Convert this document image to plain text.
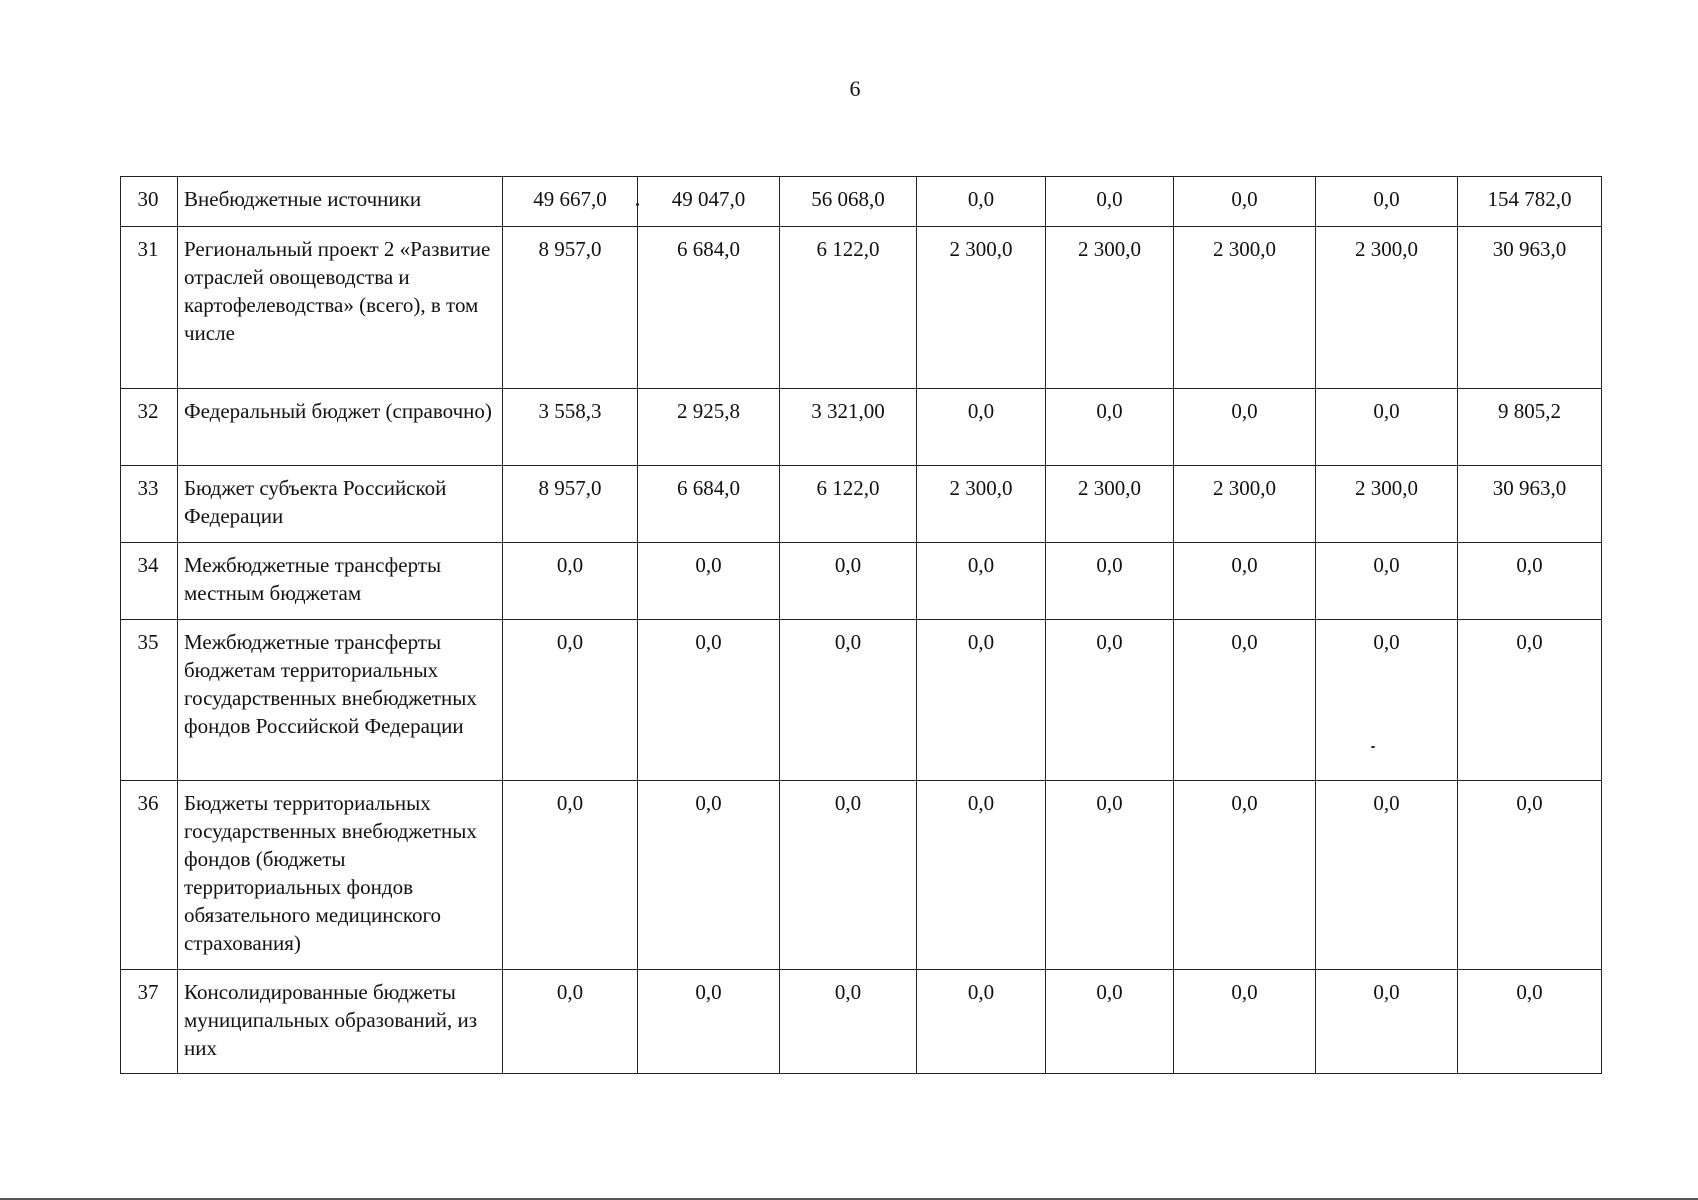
6
30	Внебюджетные источники	49 667,0	49 047,0	56 068,0	0,0	0,0	0,0	0,0	154 782,0
31	Региональный проект 2 «Развитие отраслей овощеводства и картофелеводства» (всего), в том числе	8 957,0	6 684,0	6 122,0	2 300,0	2 300,0	2 300,0	2 300,0	30 963,0
32	Федеральный бюджет (справочно)	3 558,3	2 925,8	3 321,00	0,0	0,0	0,0	0,0	9 805,2
33	Бюджет субъекта Российской Федерации	8 957,0	6 684,0	6 122,0	2 300,0	2 300,0	2 300,0	2 300,0	30 963,0
34	Межбюджетные трансферты местным бюджетам	0,0	0,0	0,0	0,0	0,0	0,0	0,0	0,0
35	Межбюджетные трансферты бюджетам территориальных государственных внебюджетных фондов Российской Федерации	0,0	0,0	0,0	0,0	0,0	0,0	0,0	0,0
36	Бюджеты территориальных государственных внебюджетных фондов (бюджеты территориальных фондов обязательного медицинского страхования)	0,0	0,0	0,0	0,0	0,0	0,0	0,0	0,0
37	Консолидированные бюджеты муниципальных образований, из них	0,0	0,0	0,0	0,0	0,0	0,0	0,0	0,0
